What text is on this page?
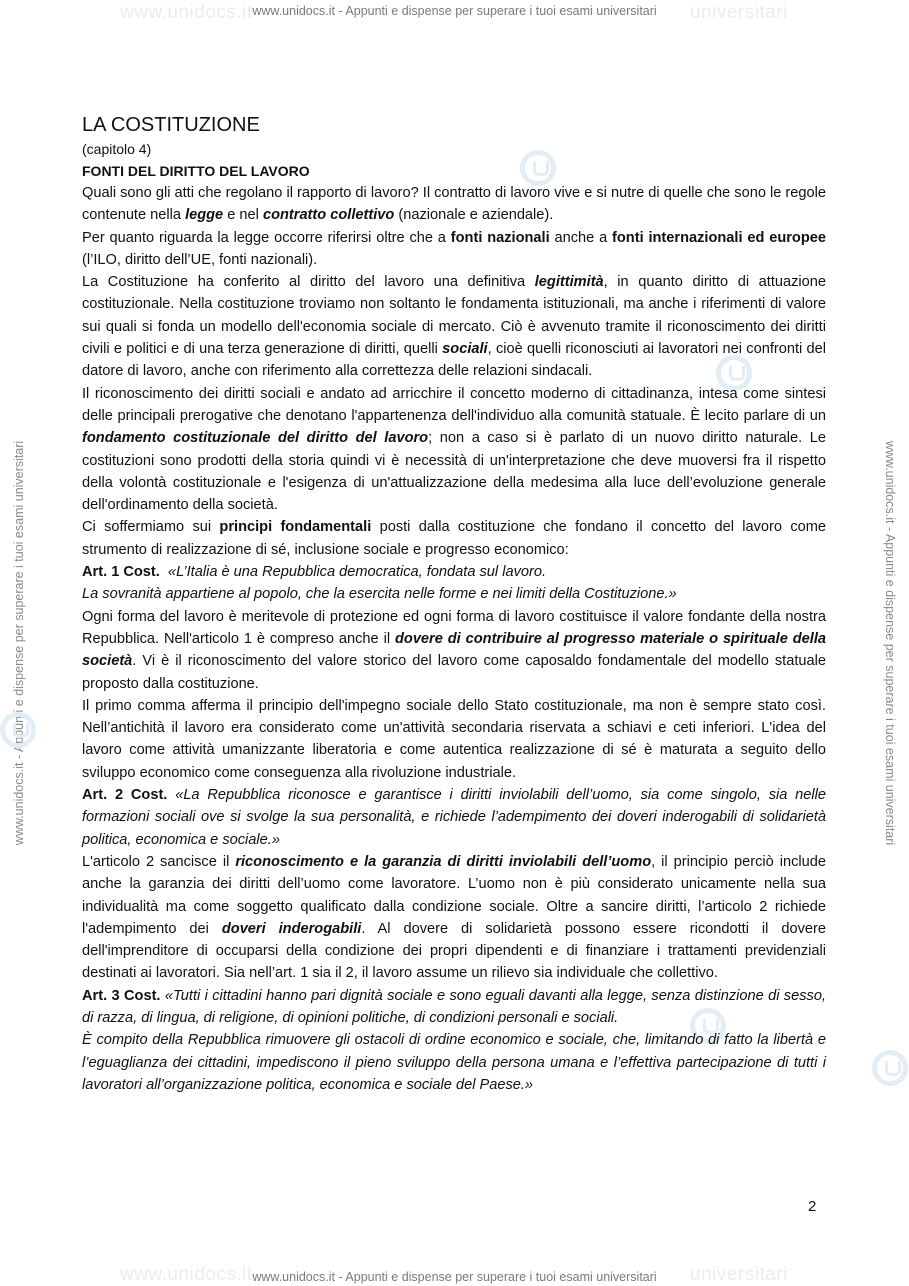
www.unidocs.it	universitari
www.unidocs.it	universitari
www.unidocs.it - Appunti e dispense per superare i tuoi esami universitari
www.unidocs.it - Appunti e dispense per superare i tuoi esami universitari
www.unidocs.it - Appunti e dispense per superare i tuoi esami universitari	www.unidocs.it - Appunti e dispense per superare i tuoi esami universitari
LA COSTITUZIONE

(capitolo 4)

FONTI DEL DIRITTO DEL LAVORO

Quali sono gli atti che regolano il rapporto di lavoro? Il contratto di lavoro vive e si nutre di quelle che sono le regole contenute nella legge e nel contratto collettivo (nazionale e aziendale).

Per quanto riguarda la legge occorre riferirsi oltre che a fonti nazionali anche a fonti internazionali ed europee (l’ILO, diritto dell’UE, fonti nazionali).

La Costituzione ha conferito al diritto del lavoro una definitiva legittimità, in quanto diritto di attuazione costituzionale. Nella costituzione troviamo non soltanto le fondamenta istituzionali, ma anche i riferimenti di valore sui quali si fonda un modello dell'economia sociale di mercato. Ciò è avvenuto tramite il riconoscimento dei diritti civili e politici e di una terza generazione di diritti, quelli sociali, cioè quelli riconosciuti ai lavoratori nei confronti del datore di lavoro, anche con riferimento alla correttezza delle relazioni sindacali.

Il riconoscimento dei diritti sociali e andato ad arricchire il concetto moderno di cittadinanza, intesa come sintesi delle principali prerogative che denotano l'appartenenza dell'individuo alla comunità statuale. È lecito parlare di un fondamento costituzionale del diritto del lavoro; non a caso si è parlato di un nuovo diritto naturale. Le costituzioni sono prodotti della storia quindi vi è necessità di un'interpretazione che deve muoversi fra il rispetto della volontà costituzionale e l'esigenza di un'attualizzazione della medesima alla luce dell’evoluzione generale dell'ordinamento della società.

Ci soffermiamo sui principi fondamentali posti dalla costituzione che fondano il concetto del lavoro come strumento di realizzazione di sé, inclusione sociale e progresso economico:

Art. 1 Cost. «L’Italia è una Repubblica democratica, fondata sul lavoro.
La sovranità appartiene al popolo, che la esercita nelle forme e nei limiti della Costituzione.»

Ogni forma del lavoro è meritevole di protezione ed ogni forma di lavoro costituisce il valore fondante della nostra Repubblica. Nell'articolo 1 è compreso anche il dovere di contribuire al progresso materiale o spirituale della società. Vi è il riconoscimento del valore storico del lavoro come caposaldo fondamentale del modello statuale proposto dalla costituzione.

Il primo comma afferma il principio dell'impegno sociale dello Stato costituzionale, ma non è sempre stato così. Nell’antichità il lavoro era considerato come un'attività secondaria riservata a schiavi e ceti inferiori. L'idea del lavoro come attività umanizzante liberatoria e come autentica realizzazione di sé è maturata a seguito dello sviluppo economico come conseguenza alla rivoluzione industriale.

Art. 2 Cost. «La Repubblica riconosce e garantisce i diritti inviolabili dell’uomo, sia come singolo, sia nelle formazioni sociali ove si svolge la sua personalità, e richiede l’adempimento dei doveri inderogabili di solidarietà politica, economica e sociale.»

L'articolo 2 sancisce il riconoscimento e la garanzia di diritti inviolabili dell’uomo, il principio perciò include anche la garanzia dei diritti dell’uomo come lavoratore. L’uomo non è più considerato unicamente nella sua individualità ma come soggetto qualificato dalla condizione sociale. Oltre a sancire diritti, l’articolo 2 richiede l'adempimento dei doveri inderogabili. Al dovere di solidarietà possono essere ricondotti il dovere dell'imprenditore di occuparsi della condizione dei propri dipendenti e di finanziare i trattamenti previdenziali destinati ai lavoratori. Sia nell’art. 1 sia il 2, il lavoro assume un rilievo sia individuale che collettivo.

Art. 3 Cost. «Tutti i cittadini hanno pari dignità sociale e sono eguali davanti alla legge, senza distinzione di sesso, di razza, di lingua, di religione, di opinioni politiche, di condizioni personali e sociali.
È compito della Repubblica rimuovere gli ostacoli di ordine economico e sociale, che, limitando di fatto la libertà e l’eguaglianza dei cittadini, impediscono il pieno sviluppo della persona umana e l’effettiva partecipazione di tutti i lavoratori all’organizzazione politica, economica e sociale del Paese.»

2
